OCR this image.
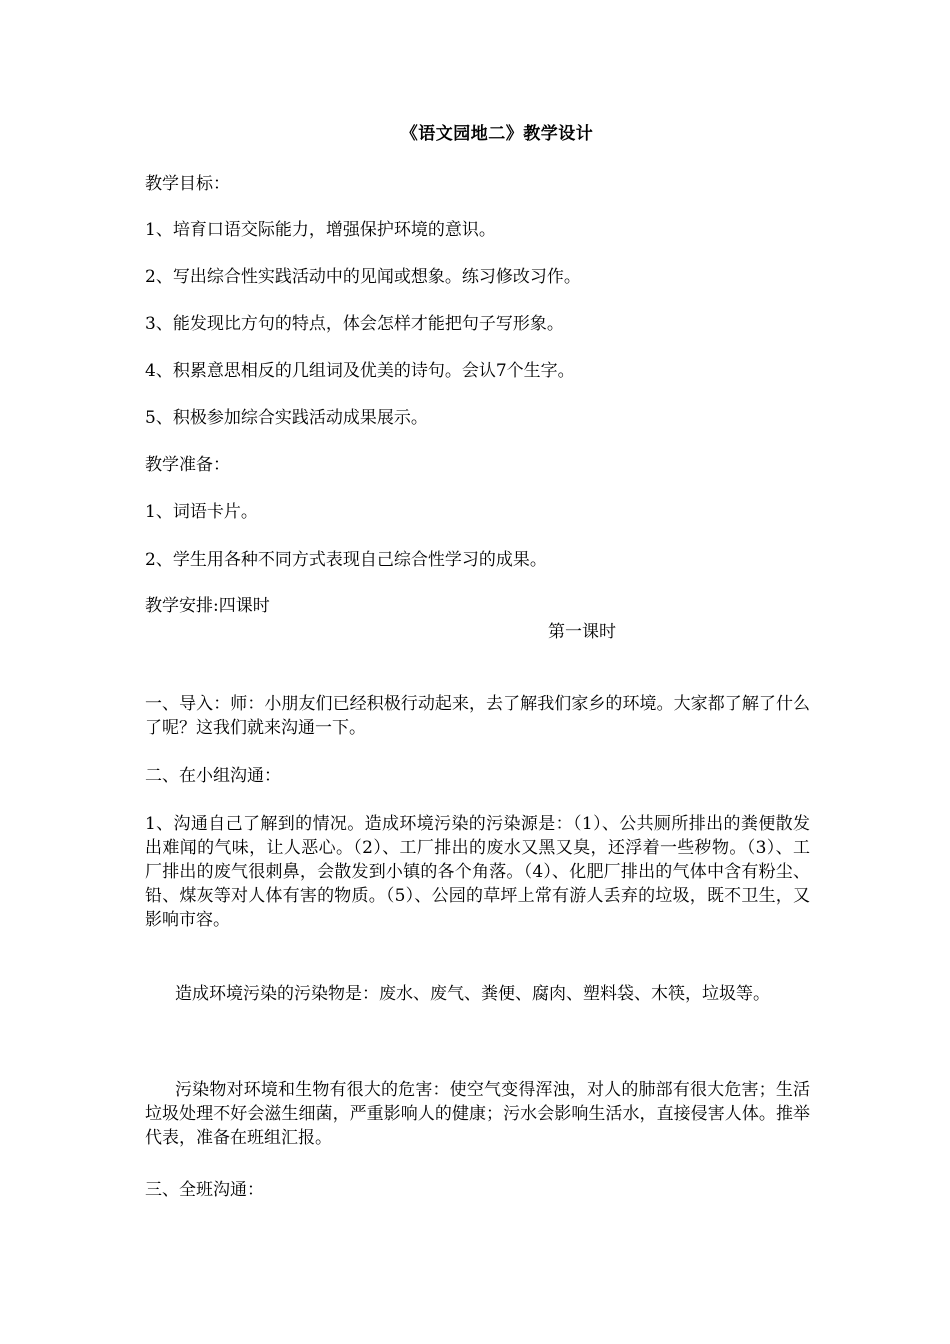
《语文园地二》教学设计
教学目标：
1、培育口语交际能力，增强保护环境的意识。
2、写出综合性实践活动中的见闻或想象。练习修改习作。
3、能发现比方句的特点，体会怎样才能把句子写形象。
4、积累意思相反的几组词及优美的诗句。会认7个生字。
5、积极参加综合实践活动成果展示。
教学准备：
1、词语卡片。
2、学生用各种不同方式表现自己综合性学习的成果。
教学安排:四课时
第一课时
一、导入：师：小朋友们已经积极行动起来，去了解我们家乡的环境。大家都了解了什么了呢？这我们就来沟通一下。
二、在小组沟通：
1、沟通自己了解到的情况。造成环境污染的污染源是：（1）、公共厕所排出的粪便散发出难闻的气味，让人恶心。（2）、工厂排出的废水又黑又臭，还浮着一些秽物。（3）、工厂排出的废气很刺鼻，会散发到小镇的各个角落。（4）、化肥厂排出的气体中含有粉尘、铅、煤灰等对人体有害的物质。（5）、公园的草坪上常有游人丢弃的垃圾，既不卫生，又影响市容。
造成环境污染的污染物是：废水、废气、粪便、腐肉、塑料袋、木筷，垃圾等。
污染物对环境和生物有很大的危害：使空气变得浑浊，对人的肺部有很大危害；生活垃圾处理不好会滋生细菌，严重影响人的健康；污水会影响生活水，直接侵害人体。推举代表，准备在班组汇报。
三、全班沟通：
